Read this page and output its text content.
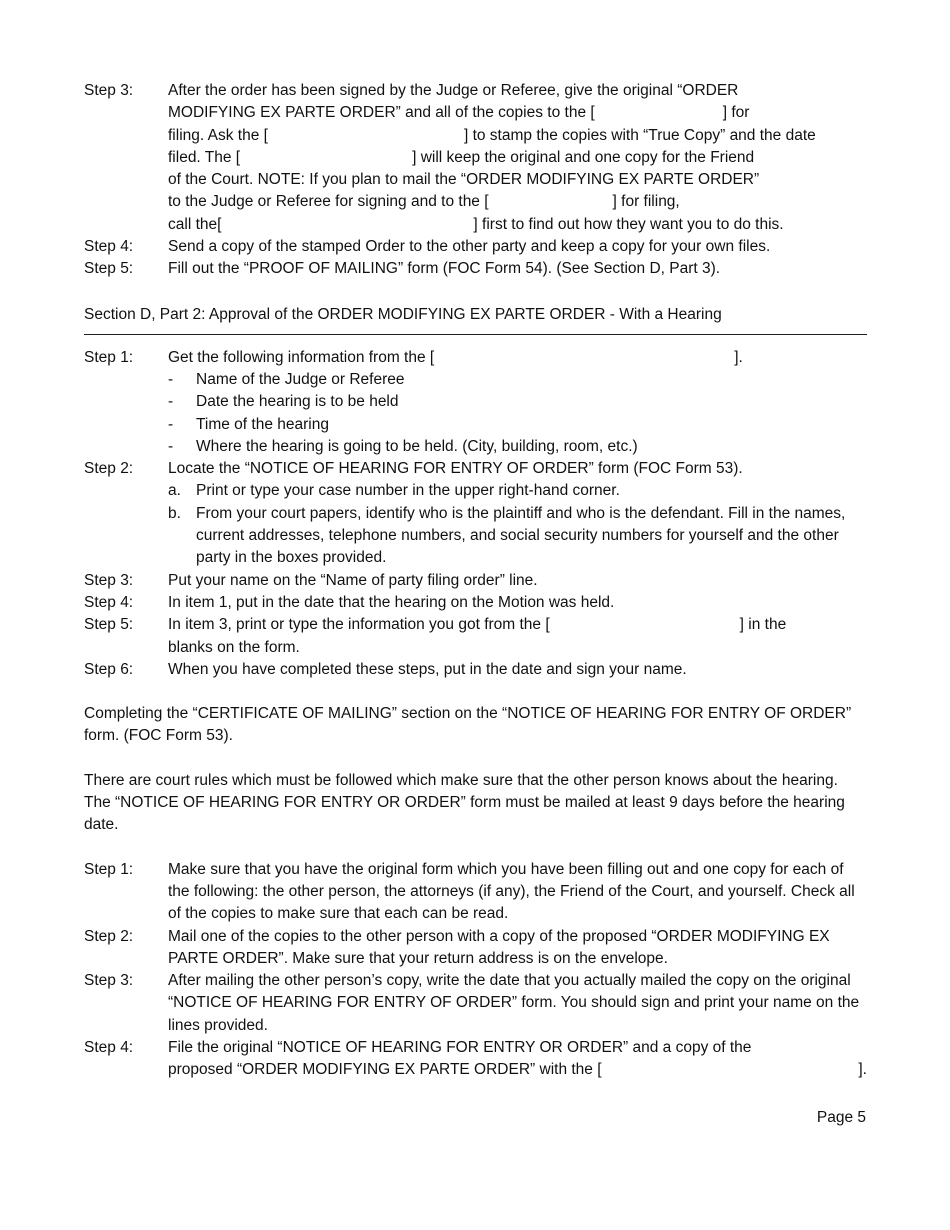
Step 3:	After the order has been signed by the Judge or Referee, give the original “ORDER
MODIFYING EX PARTE ORDER” and all of the copies to the [	] for
filing. Ask the [	] to stamp the copies with “True Copy” and the date
filed. The [	] will keep the original and one copy for the Friend
of the Court. NOTE: If you plan to mail the “ORDER MODIFYING EX PARTE ORDER”
to the Judge or Referee for signing and to the [	] for filing,
call the[	] first to find out how they want you to do this.
Step 4:	Send a copy of the stamped Order to the other party and keep a copy for your own files.
Step 5:	Fill out the “PROOF OF MAILING” form (FOC Form 54). (See Section D, Part 3).
Section D, Part 2: Approval of the ORDER MODIFYING EX PARTE ORDER - With a Hearing
Step 1:	Get the following information from the [	].
-	Name of the Judge or Referee
-	Date the hearing is to be held
-	Time of the hearing
-	Where the hearing is going to be held. (City, building, room, etc.)
Step 2:	Locate the “NOTICE OF HEARING FOR ENTRY OF ORDER” form (FOC Form 53).
a. Print or type your case number in the upper right-hand corner.
b. From your court papers, identify who is the plaintiff and who is the defendant. Fill in the names, current addresses, telephone numbers, and social security numbers for yourself and the other party in the boxes provided.
Step 3:	Put your name on the “Name of party filing order” line.
Step 4:	In item 1, put in the date that the hearing on the Motion was held.
Step 5:	In item 3, print or type the information you got from the [	] in the
blanks on the form.
Step 6:	When you have completed these steps, put in the date and sign your name.
Completing the “CERTIFICATE OF MAILING” section on the “NOTICE OF HEARING FOR ENTRY OF ORDER” form. (FOC Form 53).
There are court rules which must be followed which make sure that the other person knows about the hearing. The “NOTICE OF HEARING FOR ENTRY OR ORDER” form must be mailed at least 9 days before the hearing date.
Step 1:	Make sure that you have the original form which you have been filling out and one copy for each of the following: the other person, the attorneys (if any), the Friend of the Court, and yourself. Check all of the copies to make sure that each can be read.
Step 2:	Mail one of the copies to the other person with a copy of the proposed “ORDER MODIFYING EX PARTE ORDER”. Make sure that your return address is on the envelope.
Step 3:	After mailing the other person’s copy, write the date that you actually mailed the copy on the original “NOTICE OF HEARING FOR ENTRY OF ORDER” form. You should sign and print your name on the lines provided.
Step 4:	File the original “NOTICE OF HEARING FOR ENTRY OR ORDER” and a copy of the
proposed “ORDER MODIFYING EX PARTE ORDER” with the [	].
Page 5
